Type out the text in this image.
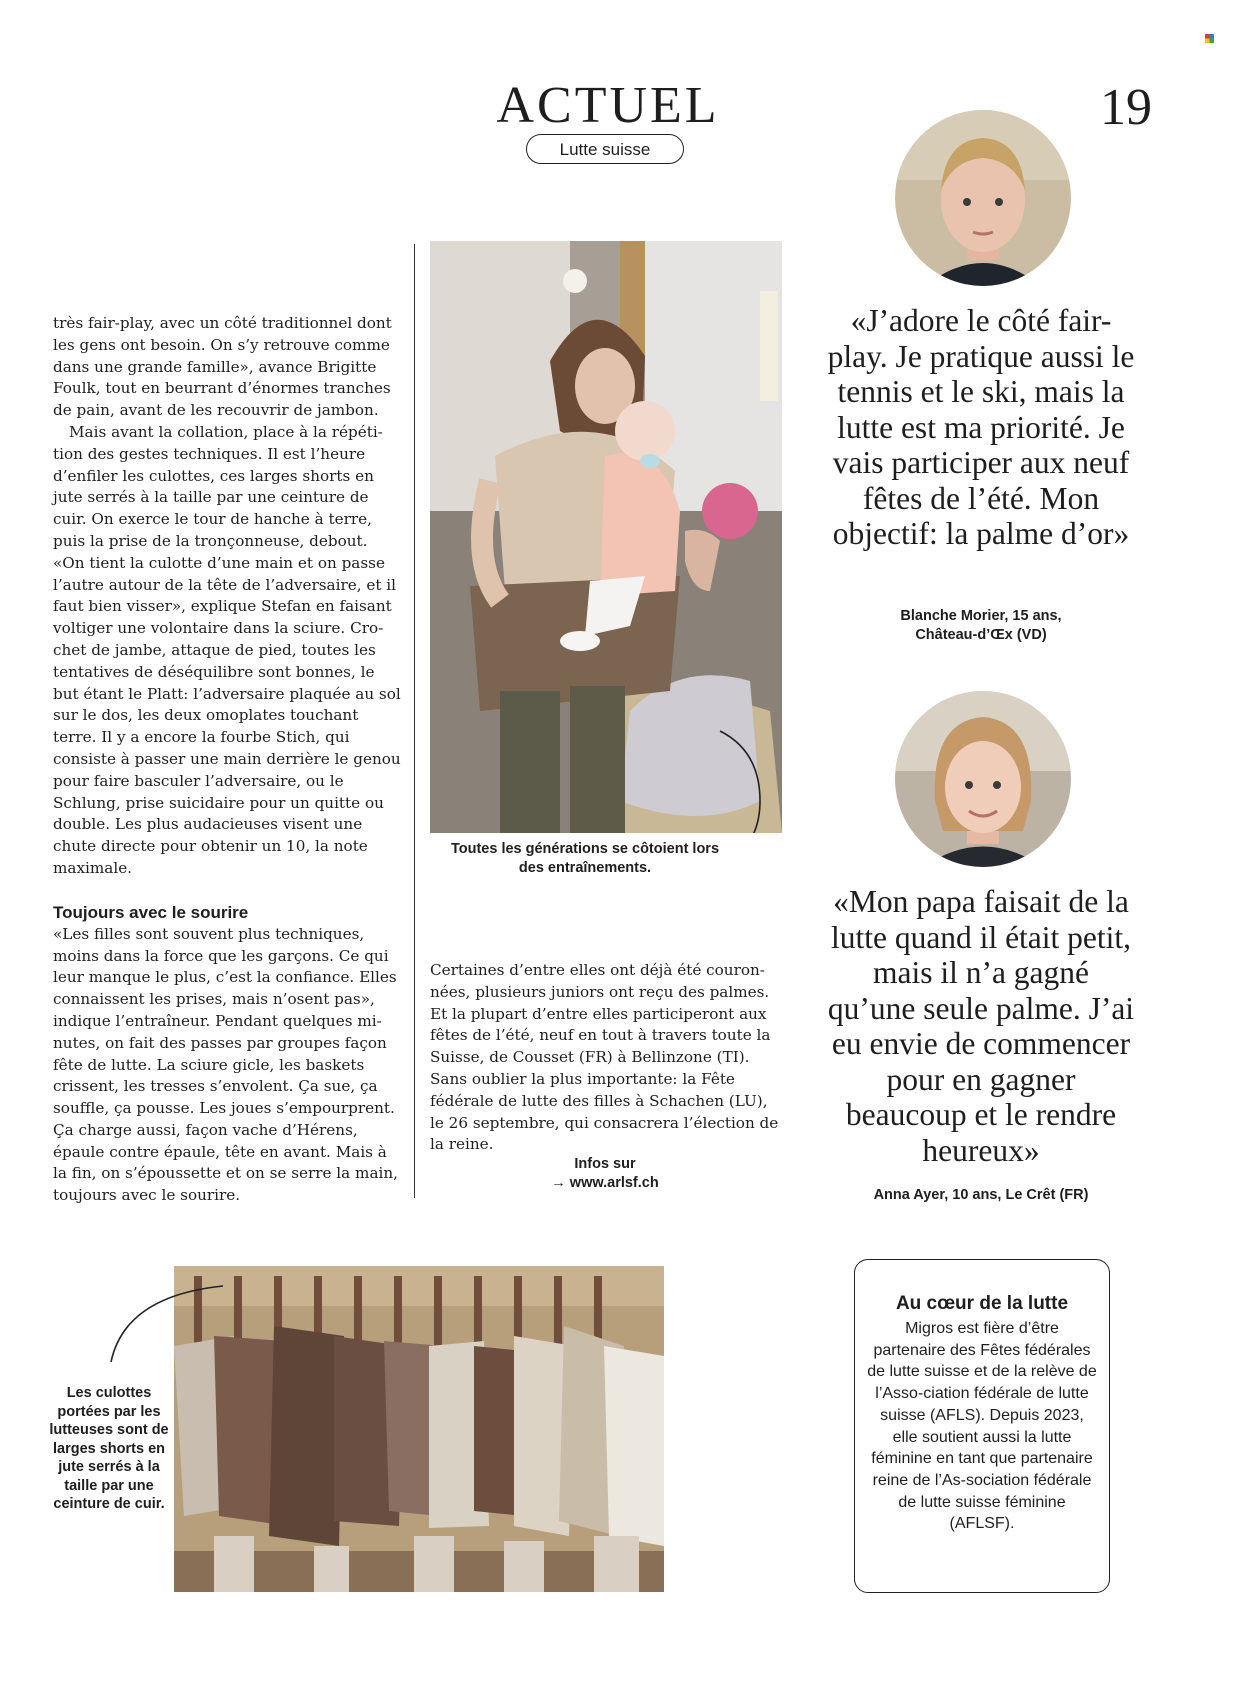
ACTUEL
Lutte suisse
19

très fair-play, avec un côté traditionnel dont les gens ont besoin. On s’y retrouve comme dans une grande famille», avance Brigitte Foulk, tout en beurrant d’énormes tranches de pain, avant de les recouvrir de jambon.

Mais avant la collation, place à la répéti-tion des gestes techniques. Il est l’heure d’enfiler les culottes, ces larges shorts en jute serrés à la taille par une ceinture de cuir. On exerce le tour de hanche à terre, puis la prise de la tronçonneuse, debout. «On tient la culotte d’une main et on passe l’autre autour de la tête de l’adversaire, et il faut bien visser», explique Stefan en faisant voltiger une volontaire dans la sciure. Cro-chet de jambe, attaque de pied, toutes les tentatives de déséquilibre sont bonnes, le but étant le Platt: l’adversaire plaquée au sol sur le dos, les deux omoplates touchant terre. Il y a encore la fourbe Stich, qui consiste à passer une main derrière le genou pour faire basculer l’adversaire, ou le Schlung, prise suicidaire pour un quitte ou double. Les plus audacieuses visent une chute directe pour obtenir un 10, la note maximale.

Toujours avec le sourire

«Les filles sont souvent plus techniques, moins dans la force que les garçons. Ce qui leur manque le plus, c’est la confiance. Elles connaissent les prises, mais n’osent pas», indique l’entraîneur. Pendant quelques mi-nutes, on fait des passes par groupes façon fête de lutte. La sciure gicle, les baskets crissent, les tresses s’envolent. Ça sue, ça souffle, ça pousse. Les joues s’empourprent. Ça charge aussi, façon vache d’Hérens, épaule contre épaule, tête en avant. Mais à la fin, on s’époussette et on se serre la main, toujours avec le sourire.

Toutes les générations se côtoient lors des entraînements.

Certaines d’entre elles ont déjà été couron-nées, plusieurs juniors ont reçu des palmes. Et la plupart d’entre elles participeront aux fêtes de l’été, neuf en tout à travers toute la Suisse, de Cousset (FR) à Bellinzone (TI). Sans oublier la plus importante: la Fête fédérale de lutte des filles à Schachen (LU), le 26 septembre, qui consacrera l’élection de la reine.

Infos sur
→ www.arlsf.ch
«J’adore le côté fair-play. Je pratique aussi le tennis et le ski, mais la lutte est ma priorité. Je vais participer aux neuf fêtes de l’été. Mon objectif: la palme d’or»
Blanche Morier, 15 ans,
Château-d’Œx (VD)
«Mon papa faisait de la lutte quand il était petit, mais il n’a gagné qu’une seule palme. J’ai eu envie de commencer pour en gagner beaucoup et le rendre heureux»
Anna Ayer, 10 ans, Le Crêt (FR)
Les culottes portées par les lutteuses sont de larges shorts en jute serrés à la taille par une ceinture de cuir.
Au cœur de la lutte

Migros est fière d’être partenaire des Fêtes fédérales de lutte suisse et de la relève de l’Asso-ciation fédérale de lutte suisse (AFLS). Depuis 2023, elle soutient aussi la lutte féminine en tant que partenaire reine de l’As-sociation fédérale de lutte suisse féminine (AFLSF).
